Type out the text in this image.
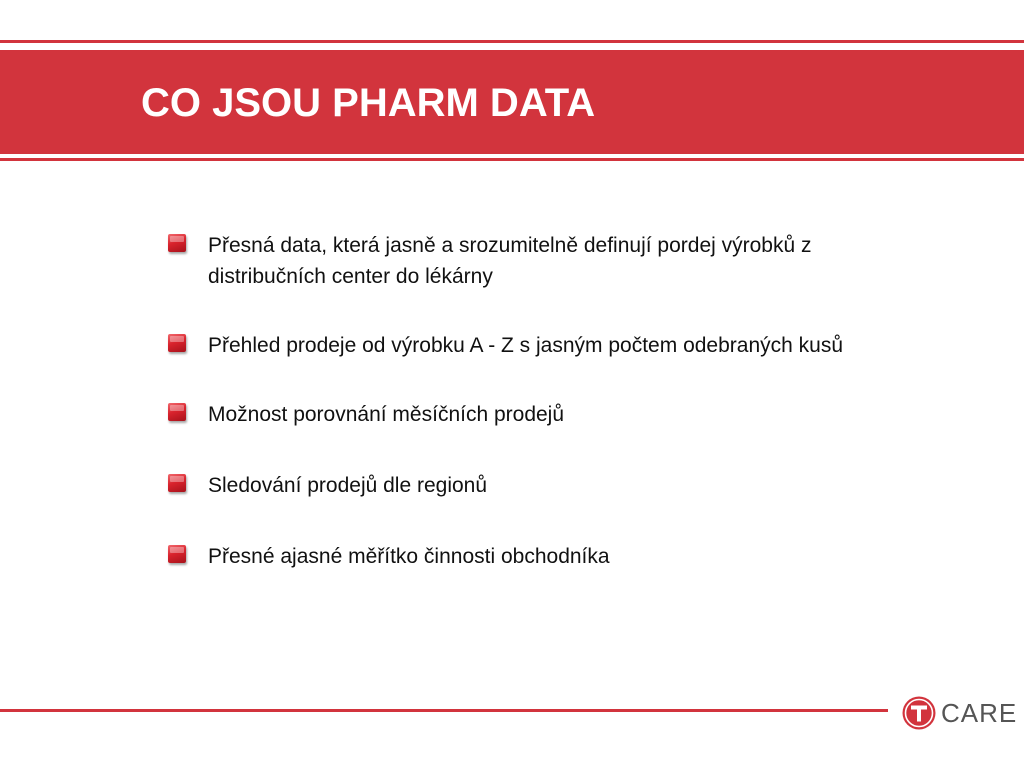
CO JSOU PHARM DATA
Přesná data, která jasně a srozumitelně definují pordej výrobků z distribučních center do lékárny
Přehled prodeje od výrobku A - Z s jasným počtem odebraných kusů
Možnost porovnání měsíčních prodejů
Sledování prodejů dle regionů
Přesné ajasné měřítko činnosti obchodníka
CARE
